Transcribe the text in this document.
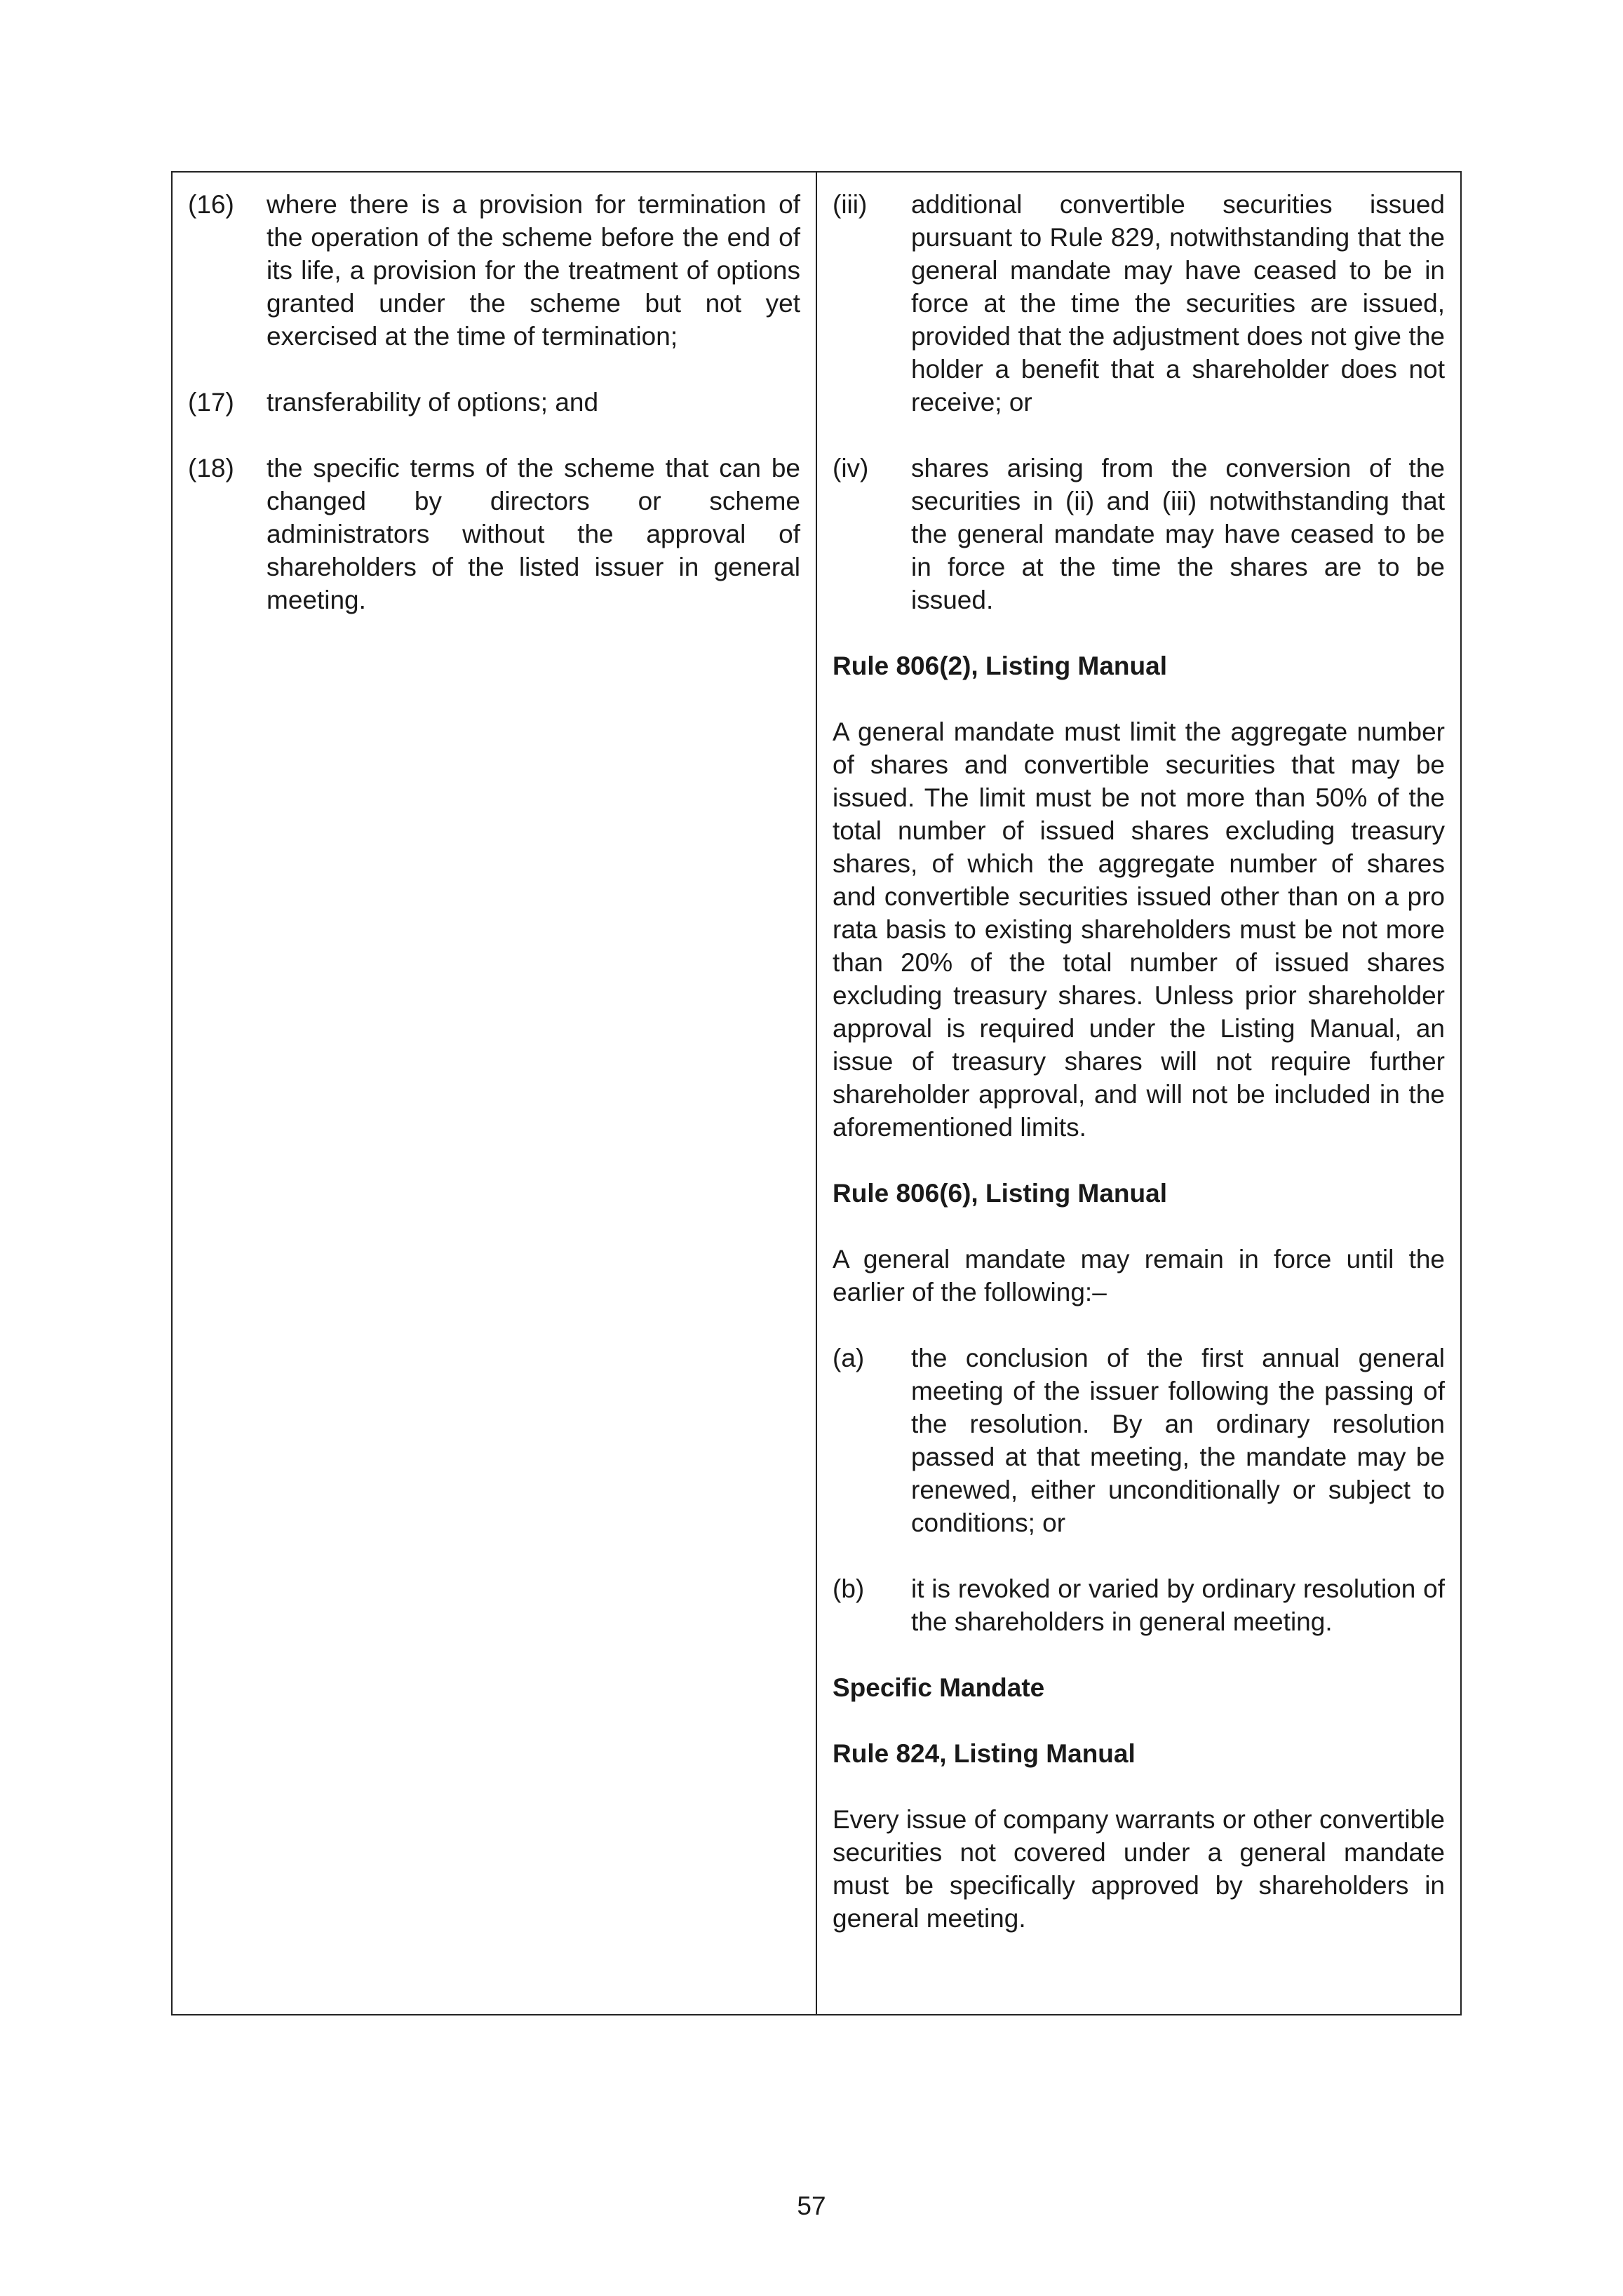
(16)	where there is a provision for termination of the operation of the scheme before the end of its life, a provision for the treatment of options granted under the scheme but not yet exercised at the time of termination;
(17)	transferability of options; and
(18)	the specific terms of the scheme that can be changed by directors or scheme administrators without the approval of shareholders of the listed issuer in general meeting.
(iii)	additional convertible securities issued pursuant to Rule 829, notwithstanding that the general mandate may have ceased to be in force at the time the securities are issued, provided that the adjustment does not give the holder a benefit that a shareholder does not receive; or
(iv)	shares arising from the conversion of the securities in (ii) and (iii) notwithstanding that the general mandate may have ceased to be in force at the time the shares are to be issued.

Rule 806(2), Listing Manual

A general mandate must limit the aggregate number of shares and convertible securities that may be issued. The limit must be not more than 50% of the total number of issued shares excluding treasury shares, of which the aggregate number of shares and convertible securities issued other than on a pro rata basis to existing shareholders must be not more than 20% of the total number of issued shares excluding treasury shares. Unless prior shareholder approval is required under the Listing Manual, an issue of treasury shares will not require further shareholder approval, and will not be included in the aforementioned limits.

Rule 806(6), Listing Manual

A general mandate may remain in force until the earlier of the following:–

(a)	the conclusion of the first annual general meeting of the issuer following the passing of the resolution. By an ordinary resolution passed at that meeting, the mandate may be renewed, either unconditionally or subject to conditions; or
(b)	it is revoked or varied by ordinary resolution of the shareholders in general meeting.

Specific Mandate

Rule 824, Listing Manual

Every issue of company warrants or other convertible securities not covered under a general mandate must be specifically approved by shareholders in general meeting.

57
